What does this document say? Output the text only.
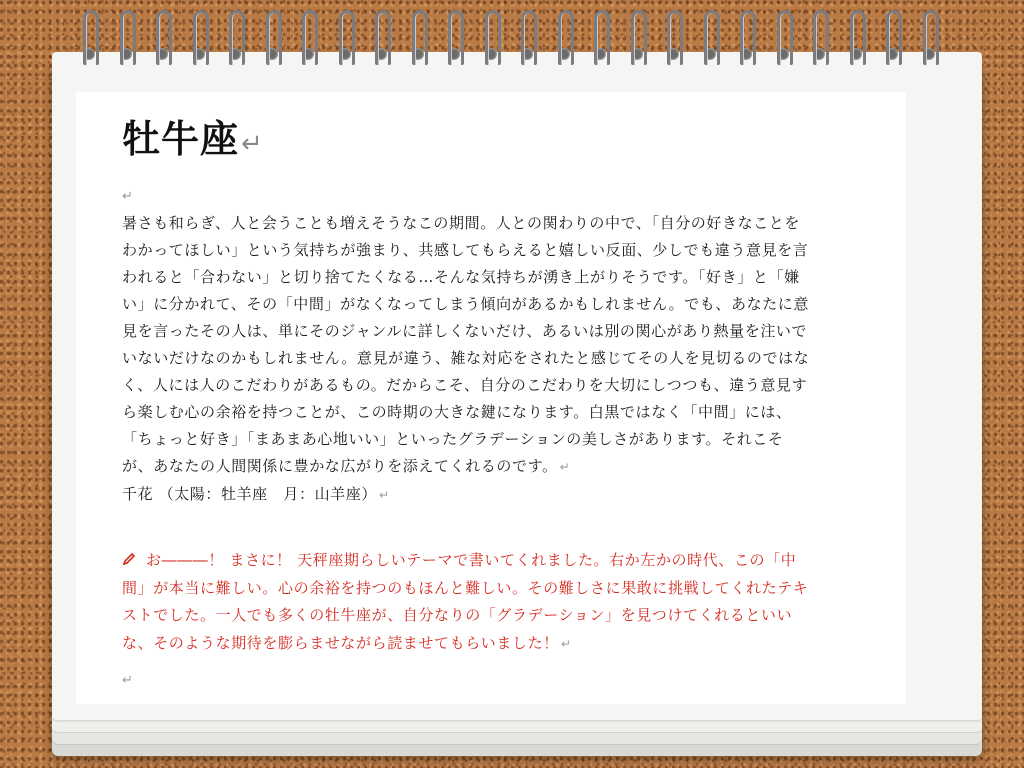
牡牛座↵
↵

暑さも和らぎ、人と会うことも増えそうなこの期間。人との関わりの中で、「自分の好きなことをわかってほしい」という気持ちが強まり、共感してもらえると嬉しい反面、少しでも違う意見を言われると「合わない」と切り捨てたくなる…そんな気持ちが湧き上がりそうです。「好き」と「嫌い」に分かれて、その「中間」がなくなってしまう傾向があるかもしれません。でも、あなたに意見を言ったその人は、単にそのジャンルに詳しくないだけ、あるいは別の関心があり熱量を注いでいないだけなのかもしれません。意見が違う、雑な対応をされたと感じてその人を見切るのではなく、人には人のこだわりがあるもの。だからこそ、自分のこだわりを大切にしつつも、違う意見すら楽しむ心の余裕を持つことが、この時期の大きな鍵になります。白黒ではなく「中間」には、「ちょっと好き」「まあまあ心地いい」といったグラデーションの美しさがあります。それこそが、あなたの人間関係に豊かな広がりを添えてくれるのです。 ↵

千花 （太陽：牡羊座　月：山羊座） ↵

お―――！ まさに！ 天秤座期らしいテーマで書いてくれました。右か左かの時代、この「中間」が本当に難しい。心の余裕を持つのもほんと難しい。その難しさに果敢に挑戦してくれたテキストでした。一人でも多くの牡牛座が、自分なりの「グラデーション」を見つけてくれるといいな、そのような期待を膨らませながら読ませてもらいました！ ↵

↵
